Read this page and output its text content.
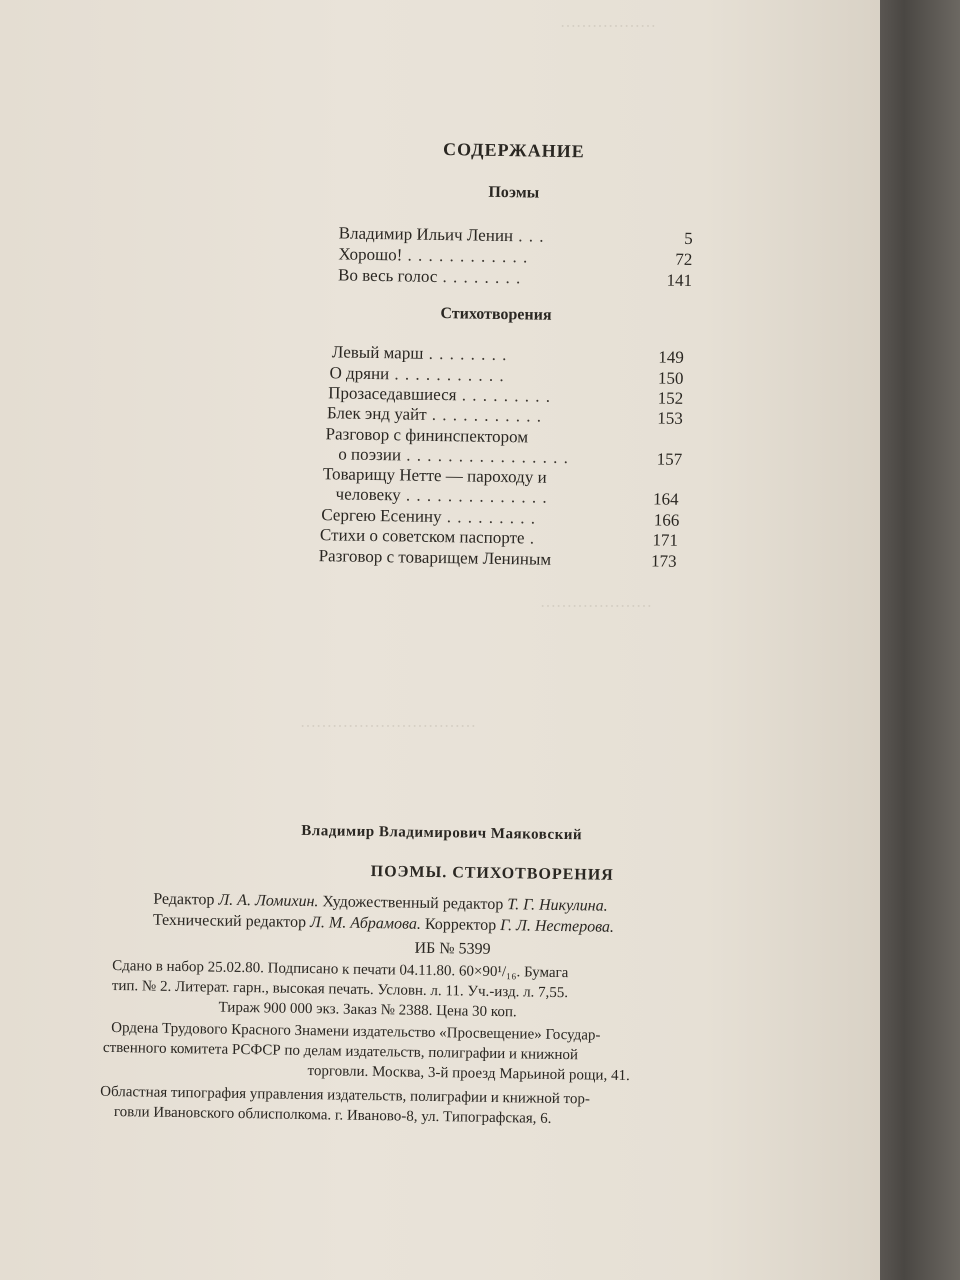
………………
…………………
……………………………
СОДЕРЖАНИЕ
Поэмы
Владимир Ильич Ленин . . .	5
Хорошо! . . . . . . . . . . . .	72
Во весь голос . . . . . . . .	141
Стихотворения
Левый марш . . . . . . . .	149
О дряни . . . . . . . . . . .	150
Прозаседавшиеся . . . . . . . . .	152
Блек энд уайт . . . . . . . . . . .	153
Разговор с фининспектором
о поэзии . . . . . . . . . . . . . . . .	157
Товарищу Нетте — пароходу и
человеку . . . . . . . . . . . . . .	164
Сергею Есенину . . . . . . . . .	166
Стихи о советском паспорте .	171
Разговор с товарищем Лениным	173
Владимир Владимирович Маяковский
ПОЭМЫ. СТИХОТВОРЕНИЯ
Редактор Л. А. Ломихин. Художественный редактор Т. Г. Никулина.
Технический редактор Л. М. Абрамова. Корректор Г. Л. Нестерова.
ИБ № 5399
Сдано в набор 25.02.80. Подписано к печати 04.11.80. 60×90¹/₁₆. Бумага
тип. № 2. Литерат. гарн., высокая печать. Условн. л. 11. Уч.-изд. л. 7,55.
Тираж 900 000 экз. Заказ № 2388. Цена 30 коп.
Ордена Трудового Красного Знамени издательство «Просвещение» Государ-
ственного комитета РСФСР по делам издательств, полиграфии и книжной
торговли. Москва, 3-й проезд Марьиной рощи, 41.
Областная типография управления издательств, полиграфии и книжной тор-
говли Ивановского облисполкома. г. Иваново-8, ул. Типографская, 6.
